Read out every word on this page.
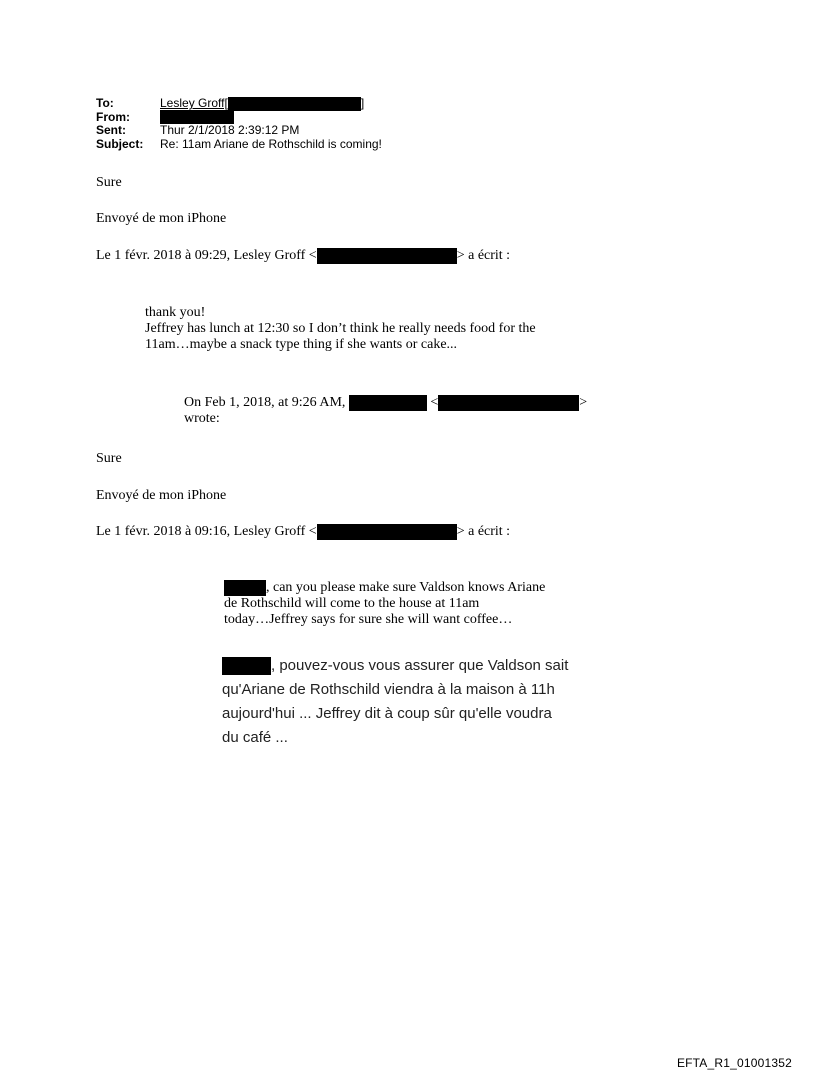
To:	Lesley Groff[	]
From:
Sent:	Thur 2/1/2018 2:39:12 PM
Subject:	Re: 11am Ariane de Rothschild is coming!
Sure
Envoyé de mon iPhone
Le 1 févr. 2018 à 09:29, Lesley Groff <	> a écrit :
thank you!
Jeffrey has lunch at 12:30 so I don’t think he really needs food for the
11am…maybe a snack type thing if she wants or cake...
On Feb 1, 2018, at 9:26 AM,	<	>
wrote:
Sure
Envoyé de mon iPhone
Le 1 févr. 2018 à 09:16, Lesley Groff <	> a écrit :
, can you please make sure Valdson knows Ariane
de Rothschild will come to the house at 11am
today…Jeffrey says for sure she will want coffee…
, pouvez-vous vous assurer que Valdson sait
qu'Ariane de Rothschild viendra à la maison à 11h
aujourd'hui ... Jeffrey dit à coup sûr qu'elle voudra
du café ...
EFTA_R1_01001352
